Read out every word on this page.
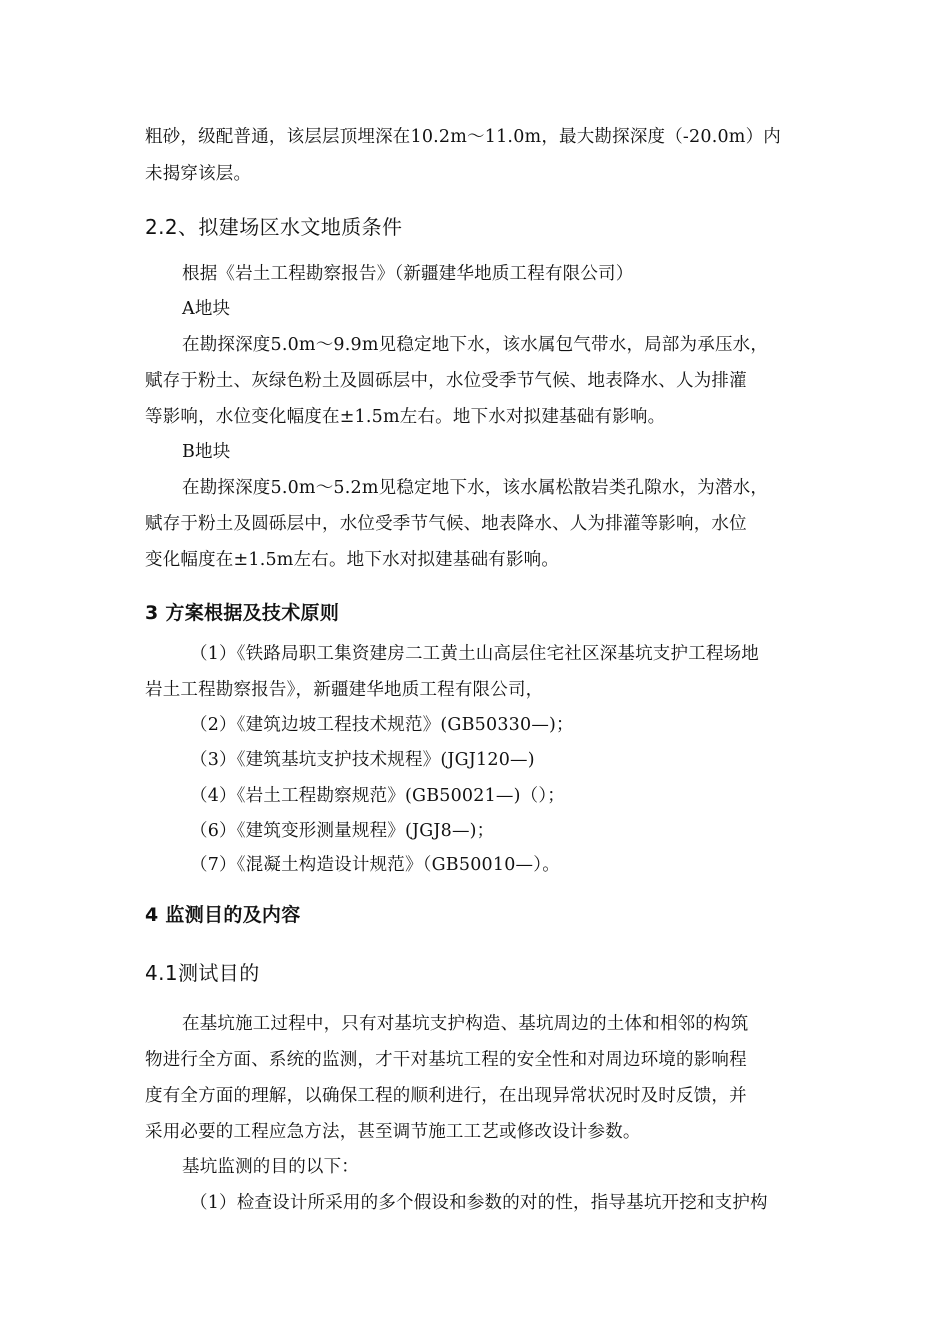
粗砂，级配普通，该层层顶埋深在10.2m～11.0m，最大勘探深度（-20.0m）内
未揭穿该层。
2.2、拟建场区水文地质条件
根据《岩土工程勘察报告》（新疆建华地质工程有限公司）
A地块
在勘探深度5.0m～9.9m见稳定地下水，该水属包气带水，局部为承压水，
赋存于粉土、灰绿色粉土及圆砾层中，水位受季节气候、地表降水、人为排灌
等影响，水位变化幅度在±1.5m左右。地下水对拟建基础有影响。
B地块
在勘探深度5.0m～5.2m见稳定地下水，该水属松散岩类孔隙水，为潜水，
赋存于粉土及圆砾层中，水位受季节气候、地表降水、人为排灌等影响，水位
变化幅度在±1.5m左右。地下水对拟建基础有影响。
3 方案根据及技术原则
（1）《铁路局职工集资建房二工黄土山高层住宅社区深基坑支护工程场地
岩土工程勘察报告》，新疆建华地质工程有限公司，
（2）《建筑边坡工程技术规范》(GB50330—)；
（3）《建筑基坑支护技术规程》(JGJ120—)
（4）《岩土工程勘察规范》(GB50021—)（）；
（6）《建筑变形测量规程》(JGJ8—)；
（7）《混凝土构造设计规范》（GB50010—）。
4 监测目的及内容
4.1测试目的
在基坑施工过程中，只有对基坑支护构造、基坑周边的土体和相邻的构筑
物进行全方面、系统的监测，才干对基坑工程的安全性和对周边环境的影响程
度有全方面的理解，以确保工程的顺利进行，在出现异常状况时及时反馈，并
采用必要的工程应急方法，甚至调节施工工艺或修改设计参数。
基坑监测的目的以下：
（1）检查设计所采用的多个假设和参数的对的性，指导基坑开挖和支护构
